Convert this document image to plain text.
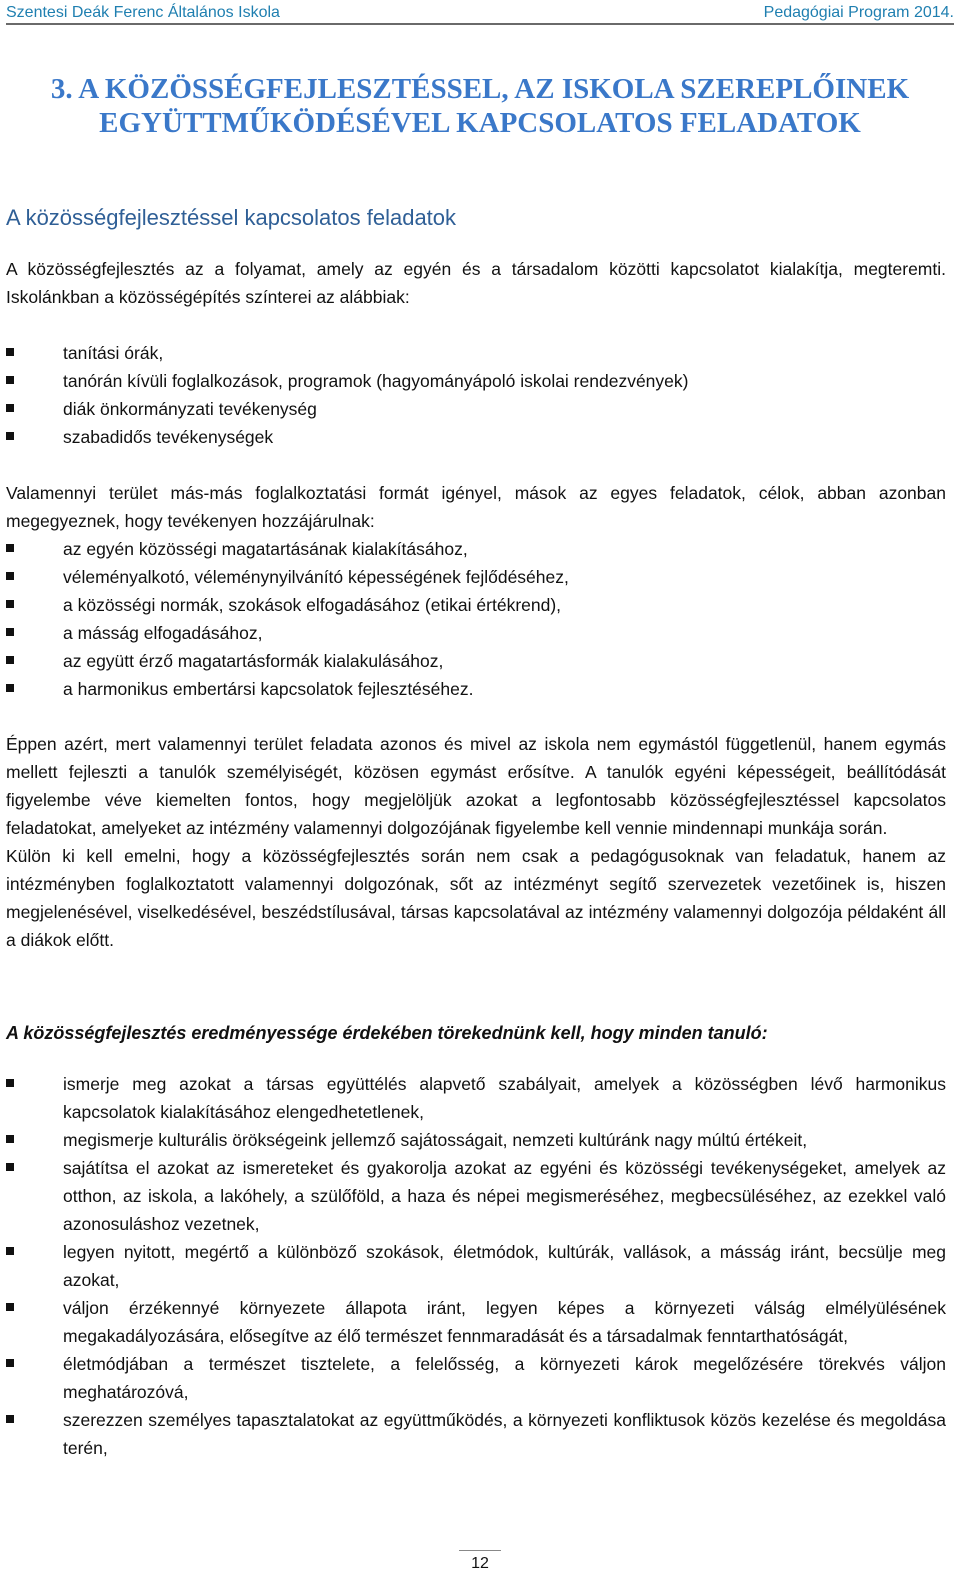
Szentesi Deák Ferenc Általános Iskola	Pedagógiai Program 2014.
3. A KÖZÖSSÉGFEJLESZTÉSSEL, AZ ISKOLA SZEREPLŐINEK
EGYÜTTMŰKÖDÉSÉVEL KAPCSOLATOS FELADATOK
A közösségfejlesztéssel kapcsolatos feladatok

A közösségfejlesztés az a folyamat, amely az egyén és a társadalom közötti kapcsolatot kialakítja, megteremti. Iskolánkban a közösségépítés színterei az alábbiak:

tanítási órák,
tanórán kívüli foglalkozások, programok (hagyományápoló iskolai rendezvények)
diák önkormányzati tevékenység
szabadidős tevékenységek

Valamennyi terület más-más foglalkoztatási formát igényel, mások az egyes feladatok, célok, abban azonban megegyeznek, hogy tevékenyen hozzájárulnak:

az egyén közösségi magatartásának kialakításához,
véleményalkotó, véleménynyilvánító képességének fejlődéséhez,
a közösségi normák, szokások elfogadásához (etikai értékrend),
a másság elfogadásához,
az együtt érző magatartásformák kialakulásához,
a harmonikus embertársi kapcsolatok fejlesztéséhez.

Éppen azért, mert valamennyi terület feladata azonos és mivel az iskola nem egymástól függetlenül, hanem egymás mellett fejleszti a tanulók személyiségét, közösen egymást erősítve. A tanulók egyéni képességeit, beállítódását figyelembe véve kiemelten fontos, hogy megjelöljük azokat a legfontosabb közösségfejlesztéssel kapcsolatos feladatokat, amelyeket az intézmény valamennyi dolgozójának figyelembe kell vennie mindennapi munkája során.

Külön ki kell emelni, hogy a közösségfejlesztés során nem csak a pedagógusoknak van feladatuk, hanem az intézményben foglalkoztatott valamennyi dolgozónak, sőt az intézményt segítő szervezetek vezetőinek is, hiszen megjelenésével, viselkedésével, beszédstílusával, társas kapcsolatával az intézmény valamennyi dolgozója példaként áll a diákok előtt.

A közösségfejlesztés eredményessége érdekében törekednünk kell, hogy minden tanuló:
ismerje meg azokat a társas együttélés alapvető szabályait, amelyek a közösségben lévő harmonikus kapcsolatok kialakításához elengedhetetlenek,
megismerje kulturális örökségeink jellemző sajátosságait, nemzeti kultúránk nagy múltú értékeit,
sajátítsa el azokat az ismereteket és gyakorolja azokat az egyéni és közösségi tevékenységeket, amelyek az otthon, az iskola, a lakóhely, a szülőföld, a haza és népei megismeréséhez, megbecsüléséhez, az ezekkel való azonosuláshoz vezetnek,
legyen nyitott, megértő a különböző szokások, életmódok, kultúrák, vallások, a másság iránt, becsülje meg azokat,
váljon érzékennyé környezete állapota iránt, legyen képes a környezeti válság elmélyülésének megakadályozására, elősegítve az élő természet fennmaradását és a társadalmak fenntarthatóságát,
életmódjában a természet tisztelete, a felelősség, a környezeti károk megelőzésére törekvés váljon meghatározóvá,
szerezzen személyes tapasztalatokat az együttműködés, a környezeti konfliktusok közös kezelése és megoldása terén,
12
